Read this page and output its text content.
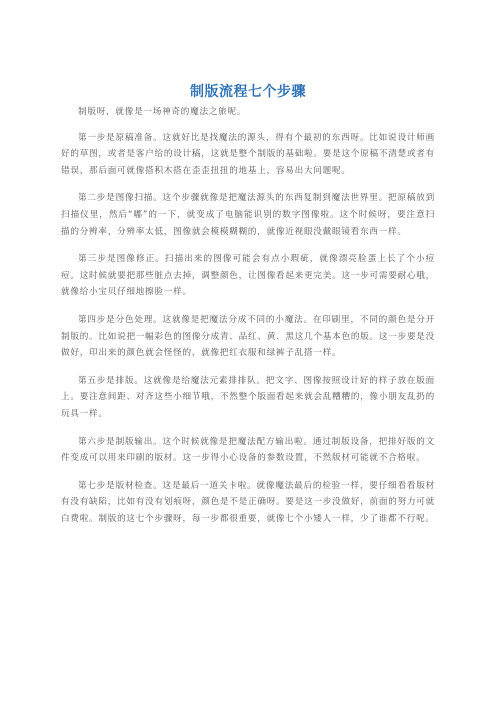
制版流程七个步骤

制版呀，就像是一场神奇的魔法之旅呢。

第一步是原稿准备。这就好比是找魔法的源头，得有个最初的东西呀。比如说设计师画好的草图，或者是客户给的设计稿，这就是整个制版的基础啦。要是这个原稿不清楚或者有错误，那后面可就像搭积木搭在歪歪扭扭的地基上，容易出大问题呢。

第二步是图像扫描。这个步骤就像是把魔法源头的东西复制到魔法世界里。把原稿放到扫描仪里，然后“嘟”的一下，就变成了电脑能识别的数字图像啦。这个时候呀，要注意扫描的分辨率，分辨率太低，图像就会模模糊糊的，就像近视眼没戴眼镜看东西一样。

第三步是图像修正。扫描出来的图像可能会有点小瑕疵，就像漂亮脸蛋上长了个小痘痘。这时候就要把那些脏点去掉，调整颜色，让图像看起来更完美。这一步可需要耐心哦，就像给小宝贝仔细地擦脸一样。

第四步是分色处理。这就像是把魔法分成不同的小魔法。在印刷里，不同的颜色是分开制版的。比如说把一幅彩色的图像分成青、品红、黄、黑这几个基本色的版。这一步要是没做好，印出来的颜色就会怪怪的，就像把红衣服和绿裤子乱搭一样。

第五步是排版。这就像是给魔法元素排排队。把文字、图像按照设计好的样子放在版面上。要注意间距、对齐这些小细节哦，不然整个版面看起来就会乱糟糟的，像小朋友乱扔的玩具一样。

第六步是制版输出。这个时候就像是把魔法配方输出啦。通过制版设备，把排好版的文件变成可以用来印刷的版材。这一步得小心设备的参数设置，不然版材可能就不合格啦。

第七步是版材检查。这是最后一道关卡啦。就像魔法最后的检验一样，要仔细看看版材有没有缺陷，比如有没有划痕呀，颜色是不是正确呀。要是这一步没做好，前面的努力可就白费啦。制版的这七个步骤呀，每一步都很重要，就像七个小矮人一样，少了谁都不行呢。
